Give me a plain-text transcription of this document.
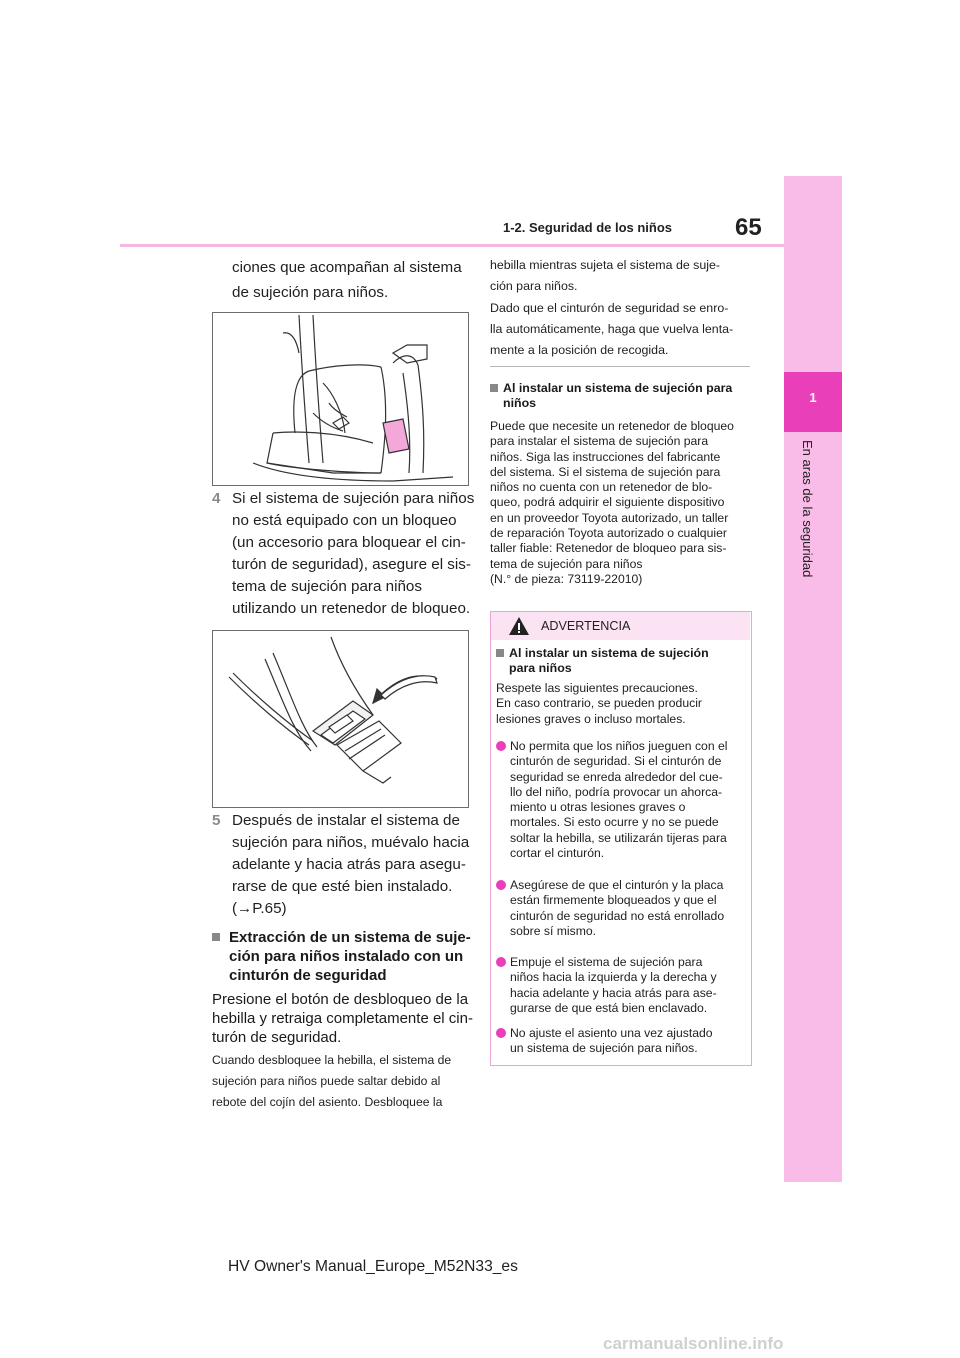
1
En aras de la seguridad
1-2. Seguridad de los niños	65
ciones que acompañan al sistema
de sujeción para niños.
4 Si el sistema de sujeción para niños
no está equipado con un bloqueo
(un accesorio para bloquear el cin-
turón de seguridad), asegure el sis-
tema de sujeción para niños
utilizando un retenedor de bloqueo.
5 Después de instalar el sistema de
sujeción para niños, muévalo hacia
adelante y hacia atrás para asegu-
rarse de que esté bien instalado.
(→P.65)
Extracción de un sistema de suje-
ción para niños instalado con un
cinturón de seguridad
Presione el botón de desbloqueo de la
hebilla y retraiga completamente el cin-
turón de seguridad.
Cuando desbloquee la hebilla, el sistema de
sujeción para niños puede saltar debido al
rebote del cojín del asiento. Desbloquee la
hebilla mientras sujeta el sistema de suje-
ción para niños.
Dado que el cinturón de seguridad se enro-
lla automáticamente, haga que vuelva lenta-
mente a la posición de recogida.
Al instalar un sistema de sujeción para
niños
Puede que necesite un retenedor de bloqueo
para instalar el sistema de sujeción para
niños. Siga las instrucciones del fabricante
del sistema. Si el sistema de sujeción para
niños no cuenta con un retenedor de blo-
queo, podrá adquirir el siguiente dispositivo
en un proveedor Toyota autorizado, un taller
de reparación Toyota autorizado o cualquier
taller fiable: Retenedor de bloqueo para sis-
tema de sujeción para niños
(N.° de pieza: 73119-22010)
ADVERTENCIA
Al instalar un sistema de sujeción
para niños
Respete las siguientes precauciones.
En caso contrario, se pueden producir
lesiones graves o incluso mortales.
No permita que los niños jueguen con el
cinturón de seguridad. Si el cinturón de
seguridad se enreda alrededor del cue-
llo del niño, podría provocar un ahorca-
miento u otras lesiones graves o
mortales. Si esto ocurre y no se puede
soltar la hebilla, se utilizarán tijeras para
cortar el cinturón.
Asegúrese de que el cinturón y la placa
están firmemente bloqueados y que el
cinturón de seguridad no está enrollado
sobre sí mismo.
Empuje el sistema de sujeción para
niños hacia la izquierda y la derecha y
hacia adelante y hacia atrás para ase-
gurarse de que está bien enclavado.
No ajuste el asiento una vez ajustado
un sistema de sujeción para niños.
HV Owner's Manual_Europe_M52N33_es
carmanualsonline.info
